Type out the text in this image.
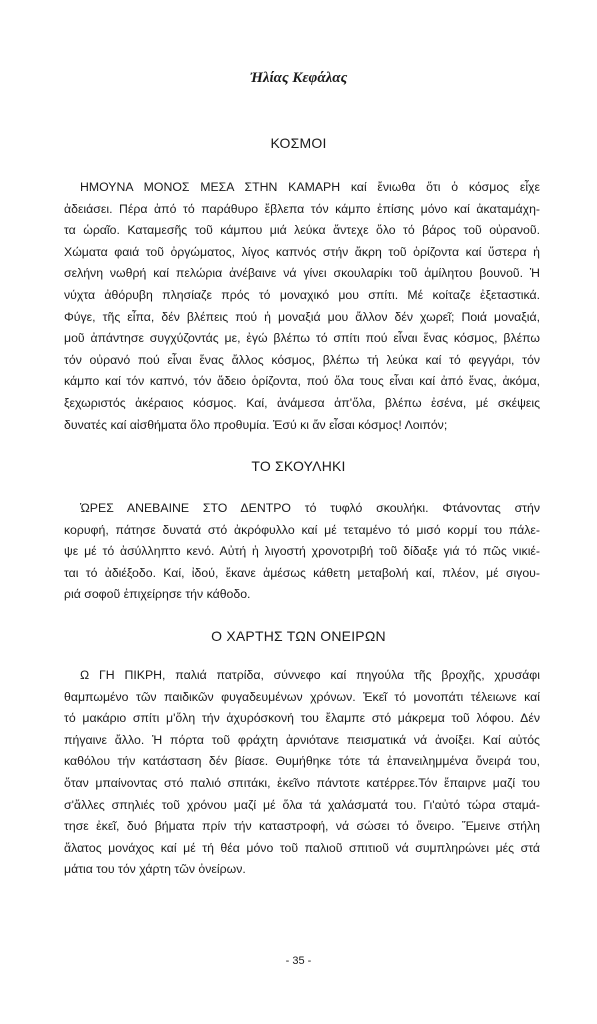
Ἠλίας Κεφάλας
ΚΟΣΜΟΙ
ΗΜΟΥΝΑ ΜΟΝΟΣ ΜΕΣΑ ΣΤΗΝ ΚΑΜΑΡΗ καί ἔνιωθα ὅτι ὁ κόσμος εἶχε
ἀδειάσει. Πέρα ἀπό τό παράθυρο ἔβλεπα τόν κάμπο ἐπίσης μόνο καί ἀκαταμάχη-
τα ὡραῖο. Καταμεσῆς τοῦ κάμπου μιά λεύκα ἄντεχε ὅλο τό βάρος τοῦ οὐρανοῦ.
Χώματα φαιά τοῦ ὀργώματος, λίγος καπνός στήν ἄκρη τοῦ ὁρίζοντα καί ὕστερα ἡ
σελήνη νωθρή καί πελώρια ἀνέβαινε νά γίνει σκουλαρίκι τοῦ ἀμίλητου βουνοῦ. Ἡ
νύχτα ἀθόρυβη πλησίαζε πρός τό μοναχικό μου σπίτι. Μέ κοίταζε ἐξεταστικά.
Φύγε, τῆς εἶπα, δέν βλέπεις πού ἡ μοναξιά μου ἄλλον δέν χωρεῖ; Ποιά μοναξιά,
μοῦ ἀπάντησε συγχύζοντάς με, ἐγώ βλέπω τό σπίτι πού εἶναι ἕνας κόσμος, βλέπω
τόν οὐρανό πού εἶναι ἕνας ἄλλος κόσμος, βλέπω τή λεύκα καί τό φεγγάρι, τόν
κάμπο καί τόν καπνό, τόν ἄδειο ὁρίζοντα, πού ὅλα τους εἶναι καί ἀπό ἕνας, ἀκόμα,
ξεχωριστός ἀκέραιος κόσμος. Καί, ἀνάμεσα ἀπ'ὅλα, βλέπω ἐσένα, μέ σκέψεις
δυνατές καί αἰσθήματα ὅλο προθυμία. Ἐσύ κι ἄν εἶσαι κόσμος! Λοιπόν;
ΤΟ ΣΚΟΥΛΗΚΙ
ὩΡΕΣ ΑΝΕΒΑΙΝΕ ΣΤΟ ΔΕΝΤΡΟ τό τυφλό σκουλήκι. Φτάνοντας στήν
κορυφή, πάτησε δυνατά στό ἀκρόφυλλο καί μέ τεταμένο τό μισό κορμί του πάλε-
ψε μέ τό ἀσύλληπτο κενό. Αὐτή ἡ λιγοστή χρονοτριβή τοῦ δίδαξε γιά τό πῶς νικιέ-
ται τό ἀδιέξοδο. Καί, ἰδού, ἔκανε ἀμέσως κάθετη μεταβολή καί, πλέον, μέ σιγου-
ριά σοφοῦ ἐπιχείρησε τήν κάθοδο.
Ο ΧΑΡΤΗΣ ΤΩΝ ΟΝΕΙΡΩΝ
Ω ΓΗ ΠΙΚΡΗ, παλιά πατρίδα, σύννεφο καί πηγούλα τῆς βροχῆς, χρυσάφι
θαμπωμένο τῶν παιδικῶν φυγαδευμένων χρόνων. Ἐκεῖ τό μονοπάτι τέλειωνε καί
τό μακάριο σπίτι μ'ὅλη τήν ἀχυρόσκονή του ἔλαμπε στό μάκρεμα τοῦ λόφου. Δέν
πήγαινε ἄλλο. Ἡ πόρτα τοῦ φράχτη ἀρνιότανε πεισματικά νά ἀνοίξει. Καί αὐτός
καθόλου τήν κατάσταση δέν βίασε. Θυμήθηκε τότε τά ἐπανειλημμένα ὄνειρά του,
ὅταν μπαίνοντας στό παλιό σπιτάκι, ἐκεῖνο πάντοτε κατέρρεε.Τόν ἔπαιρνε μαζί του
σ'ἄλλες σπηλιές τοῦ χρόνου μαζί μέ ὅλα τά χαλάσματά του. Γι'αὐτό τώρα σταμά-
τησε ἐκεῖ, δυό βήματα πρίν τήν καταστροφή, νά σώσει τό ὄνειρο. Ἔμεινε στήλη
ἅλατος μονάχος καί μέ τή θέα μόνο τοῦ παλιοῦ σπιτιοῦ νά συμπληρώνει μές στά
μάτια του τόν χάρτη τῶν ὀνείρων.
- 35 -
